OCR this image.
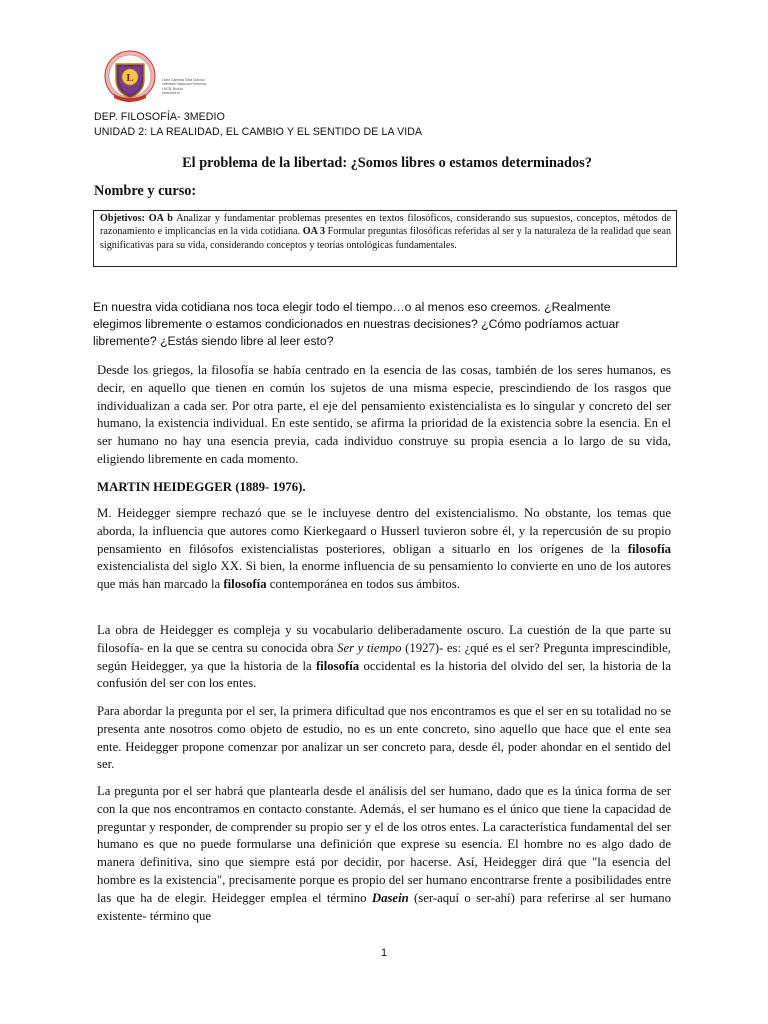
L	Liceo Carmela Silva Donoso
Internado Nacional Femenino
LNCB, Ñuñoa
www.lcsd.cl
DEP. FILOSOFÍA- 3MEDIO
UNIDAD 2: LA REALIDAD, EL CAMBIO Y EL SENTIDO DE LA VIDA
El problema de la libertad: ¿Somos libres o estamos determinados?
Nombre y curso:
Objetivos: OA b Analizar y fundamentar problemas presentes en textos filosóficos, considerando sus supuestos, conceptos, métodos de razonamiento e implicancias en la vida cotidiana. OA 3 Formular preguntas filosóficas referidas al ser y la naturaleza de la realidad que sean significativas para su vida, considerando conceptos y teorías ontológicas fundamentales.
En nuestra vida cotidiana nos toca elegir todo el tiempo…o al menos eso creemos. ¿Realmente elegimos libremente o estamos condicionados en nuestras decisiones? ¿Cómo podríamos actuar libremente? ¿Estás siendo libre al leer esto?

Desde los griegos, la filosofía se había centrado en la esencia de las cosas, también de los seres humanos, es decir, en aquello que tienen en común los sujetos de una misma especie, prescindiendo de los rasgos que individualizan a cada ser. Por otra parte, el eje del pensamiento existencialista es lo singular y concreto del ser humano, la existencia individual. En este sentido, se afirma la prioridad de la existencia sobre la esencia. En el ser humano no hay una esencia previa, cada individuo construye su propia esencia a lo largo de su vida, eligiendo libremente en cada momento.

MARTIN HEIDEGGER (1889- 1976).

M. Heidegger siempre rechazó que se le incluyese dentro del existencialismo. No obstante, los temas que aborda, la influencia que autores como Kierkegaard o Husserl tuvieron sobre él, y la repercusión de su propio pensamiento en filósofos existencialistas posteriores, obligan a situarlo en los orígenes de la filosofía existencialista del siglo XX. Si bien, la enorme influencia de su pensamiento lo convierte en uno de los autores que más han marcado la filosofía contemporánea en todos sus ámbitos.

La obra de Heidegger es compleja y su vocabulario deliberadamente oscuro. La cuestión de la que parte su filosofía- en la que se centra su conocida obra Ser y tiempo (1927)- es: ¿qué es el ser? Pregunta imprescindible, según Heidegger, ya que la historia de la filosofía occidental es la historia del olvido del ser, la historia de la confusión del ser con los entes.

Para abordar la pregunta por el ser, la primera dificultad que nos encontramos es que el ser en su totalidad no se presenta ante nosotros como objeto de estudio, no es un ente concreto, sino aquello que hace que el ente sea ente. Heidegger propone comenzar por analizar un ser concreto para, desde él, poder ahondar en el sentido del ser.

La pregunta por el ser habrá que plantearla desde el análisis del ser humano, dado que es la única forma de ser con la que nos encontramos en contacto constante. Además, el ser humano es el único que tiene la capacidad de preguntar y responder, de comprender su propio ser y el de los otros entes. La característica fundamental del ser humano es que no puede formularse una definición que exprese su esencia. El hombre no es algo dado de manera definitiva, sino que siempre está por decidir, por hacerse. Así, Heidegger dirá que "la esencia del hombre es la existencia", precisamente porque es propio del ser humano encontrarse frente a posibilidades entre las que ha de elegir. Heidegger emplea el término Dasein (ser-aquí o ser-ahí) para referirse al ser humano existente- término que

1
